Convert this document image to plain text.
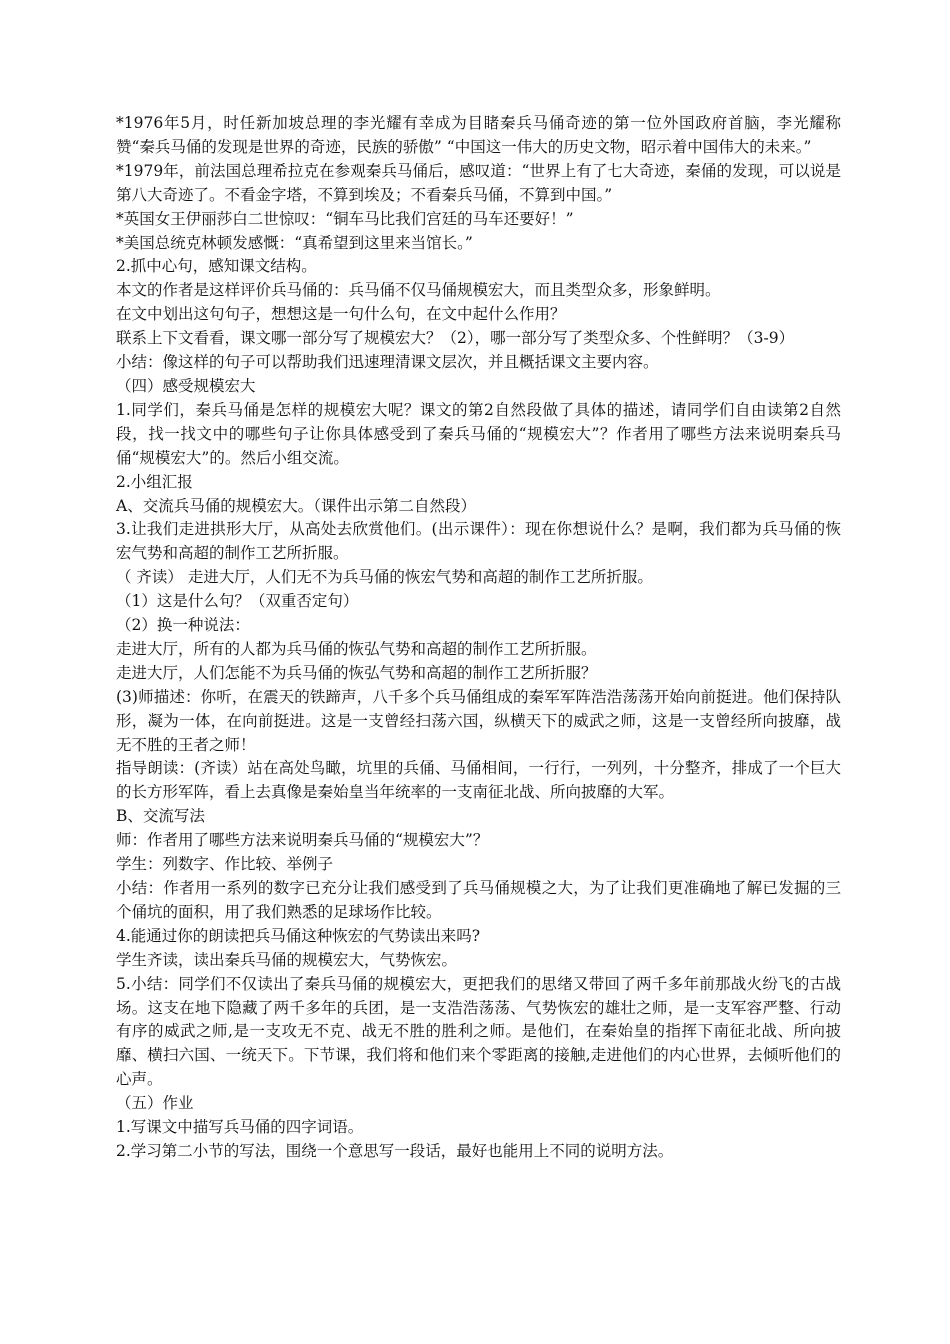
*1976年5月，时任新加坡总理的李光耀有幸成为目睹秦兵马俑奇迹的第一位外国政府首脑，李光耀称赞“秦兵马俑的发现是世界的奇迹，民族的骄傲” “中国这一伟大的历史文物，昭示着中国伟大的未来。”

*1979年，前法国总理希拉克在参观秦兵马俑后，感叹道：“世界上有了七大奇迹，秦俑的发现，可以说是第八大奇迹了。不看金字塔，不算到埃及；不看秦兵马俑，不算到中国。”

*英国女王伊丽莎白二世惊叹：“铜车马比我们宫廷的马车还要好！”

*美国总统克林顿发感慨：“真希望到这里来当馆长。”

2.抓中心句，感知课文结构。

本文的作者是这样评价兵马俑的：兵马俑不仅马俑规模宏大，而且类型众多，形象鲜明。

在文中划出这句句子，想想这是一句什么句，在文中起什么作用？

联系上下文看看，课文哪一部分写了规模宏大？（2），哪一部分写了类型众多、个性鲜明？（3-9）

小结：像这样的句子可以帮助我们迅速理清课文层次，并且概括课文主要内容。

（四）感受规模宏大

1.同学们，秦兵马俑是怎样的规模宏大呢？课文的第2自然段做了具体的描述，请同学们自由读第2自然段，找一找文中的哪些句子让你具体感受到了秦兵马俑的“规模宏大”？作者用了哪些方法来说明秦兵马俑“规模宏大”的。然后小组交流。

2.小组汇报

A、交流兵马俑的规模宏大。（课件出示第二自然段）

3.让我们走进拱形大厅，从高处去欣赏他们。(出示课件）：现在你想说什么？是啊，我们都为兵马俑的恢宏气势和高超的制作工艺所折服。

（ 齐读） 走进大厅，人们无不为兵马俑的恢宏气势和高超的制作工艺所折服。

（1）这是什么句？（双重否定句）

（2）换一种说法：

走进大厅，所有的人都为兵马俑的恢弘气势和高超的制作工艺所折服。

走进大厅，人们怎能不为兵马俑的恢弘气势和高超的制作工艺所折服？

(3)师描述：你听，在震天的铁蹄声，八千多个兵马俑组成的秦军军阵浩浩荡荡开始向前挺进。他们保持队形，凝为一体，在向前挺进。这是一支曾经扫荡六国，纵横天下的威武之师，这是一支曾经所向披靡，战无不胜的王者之师！

指导朗读：(齐读）站在高处鸟瞰，坑里的兵俑、马俑相间，一行行，一列列，十分整齐，排成了一个巨大的长方形军阵，看上去真像是秦始皇当年统率的一支南征北战、所向披靡的大军。

B、交流写法

师：作者用了哪些方法来说明秦兵马俑的“规模宏大”？

学生：列数字、作比较、举例子

小结：作者用一系列的数字已充分让我们感受到了兵马俑规模之大，为了让我们更准确地了解已发掘的三个俑坑的面积，用了我们熟悉的足球场作比较。

4.能通过你的朗读把兵马俑这种恢宏的气势读出来吗?

学生齐读，读出秦兵马俑的规模宏大，气势恢宏。

5.小结：同学们不仅读出了秦兵马俑的规模宏大，更把我们的思绪又带回了两千多年前那战火纷飞的古战场。这支在地下隐藏了两千多年的兵团，是一支浩浩荡荡、气势恢宏的雄壮之师，是一支军容严整、行动有序的威武之师,是一支攻无不克、战无不胜的胜利之师。是他们，在秦始皇的指挥下南征北战、所向披靡、横扫六国、一统天下。下节课，我们将和他们来个零距离的接触,走进他们的内心世界，去倾听他们的心声。

（五）作业

1.写课文中描写兵马俑的四字词语。

2.学习第二小节的写法，围绕一个意思写一段话，最好也能用上不同的说明方法。
